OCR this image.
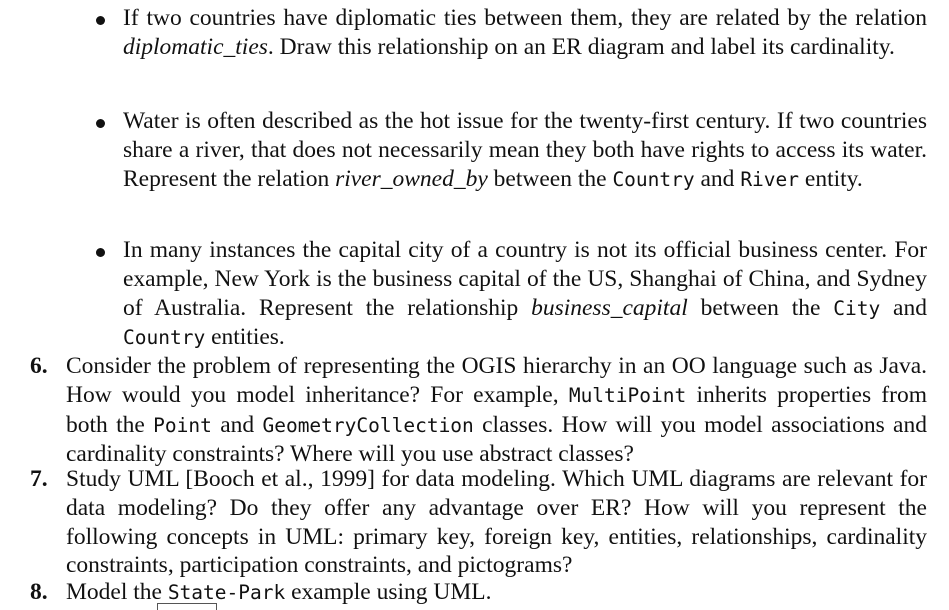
If two countries have diplomatic ties between them, they are related by the relation diplomatic_ties. Draw this relationship on an ER diagram and label its cardinality.
Water is often described as the hot issue for the twenty-first century. If two countries share a river, that does not necessarily mean they both have rights to access its water. Represent the relation river_owned_by between the Country and River entity.
In many instances the capital city of a country is not its official business center. For example, New York is the business capital of the US, Shanghai of China, and Sydney of Australia. Represent the relationship business_capital between the City and Country entities.
6. Consider the problem of representing the OGIS hierarchy in an OO language such as Java. How would you model inheritance? For example, MultiPoint inherits properties from both the Point and GeometryCollection classes. How will you model associations and cardinality constraints? Where will you use abstract classes?
7. Study UML [Booch et al., 1999] for data modeling. Which UML diagrams are relevant for data modeling? Do they offer any advantage over ER? How will you represent the following concepts in UML: primary key, foreign key, entities, relationships, cardinality constraints, participation constraints, and pictograms?
8. Model the State-Park example using UML.
